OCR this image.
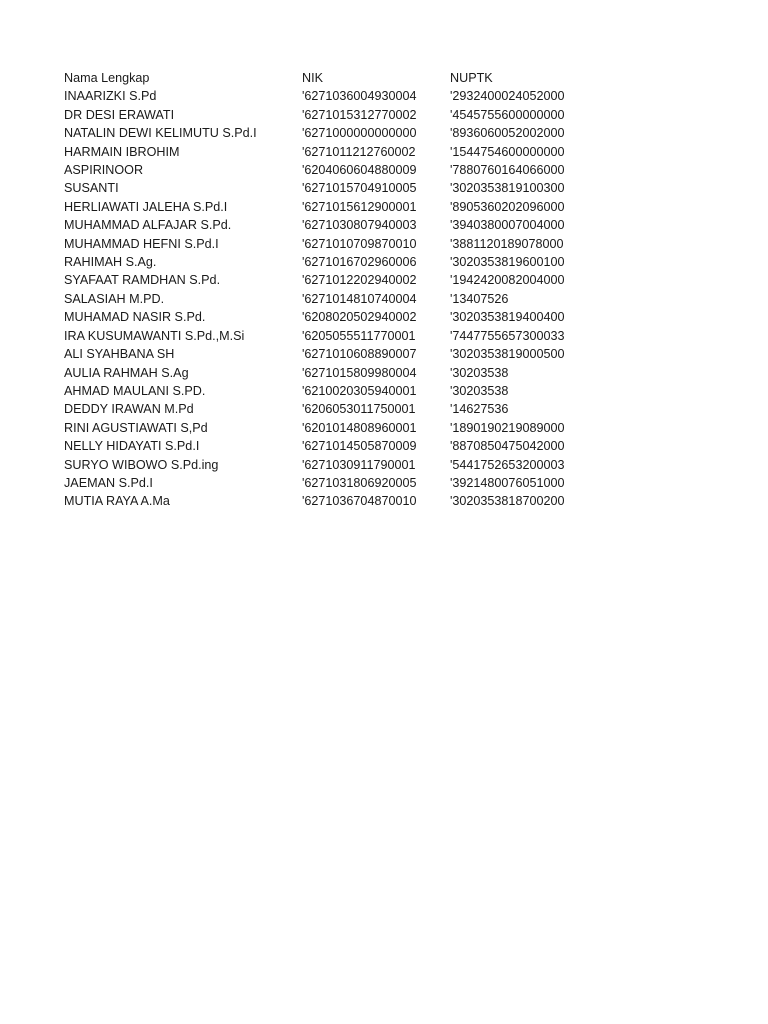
Nama Lengkap	NIK	NUPTK
INAARIZKI S.Pd	'6271036004930004	'2932400024052000
DR DESI ERAWATI	'6271015312770002	'4545755600000000
NATALIN DEWI KELIMUTU S.Pd.I	'6271000000000000	'8936060052002000
HARMAIN IBROHIM	'6271011212760002	'1544754600000000
ASPIRINOOR	'6204060604880009	'7880760164066000
SUSANTI	'6271015704910005	'3020353819100300
HERLIAWATI JALEHA S.Pd.I	'6271015612900001	'8905360202096000
MUHAMMAD ALFAJAR S.Pd.	'6271030807940003	'3940380007004000
MUHAMMAD HEFNI S.Pd.I	'6271010709870010	'3881120189078000
RAHIMAH S.Ag.	'6271016702960006	'3020353819600100
SYAFAAT RAMDHAN S.Pd.	'6271012202940002	'1942420082004000
SALASIAH M.PD.	'6271014810740004	'13407526
MUHAMAD NASIR S.Pd.	'6208020502940002	'3020353819400400
IRA KUSUMAWANTI S.Pd.,M.Si	'6205055511770001	'7447755657300033
ALI SYAHBANA SH	'6271010608890007	'3020353819000500
AULIA RAHMAH S.Ag	'6271015809980004	'30203538
AHMAD MAULANI S.PD.	'6210020305940001	'30203538
DEDDY IRAWAN M.Pd	'6206053011750001	'14627536
RINI AGUSTIAWATI S,Pd	'6201014808960001	'1890190219089000
NELLY HIDAYATI S.Pd.I	'6271014505870009	'8870850475042000
SURYO WIBOWO S.Pd.ing	'6271030911790001	'5441752653200003
JAEMAN S.Pd.I	'6271031806920005	'3921480076051000
MUTIA RAYA A.Ma	'6271036704870010	'3020353818700200
